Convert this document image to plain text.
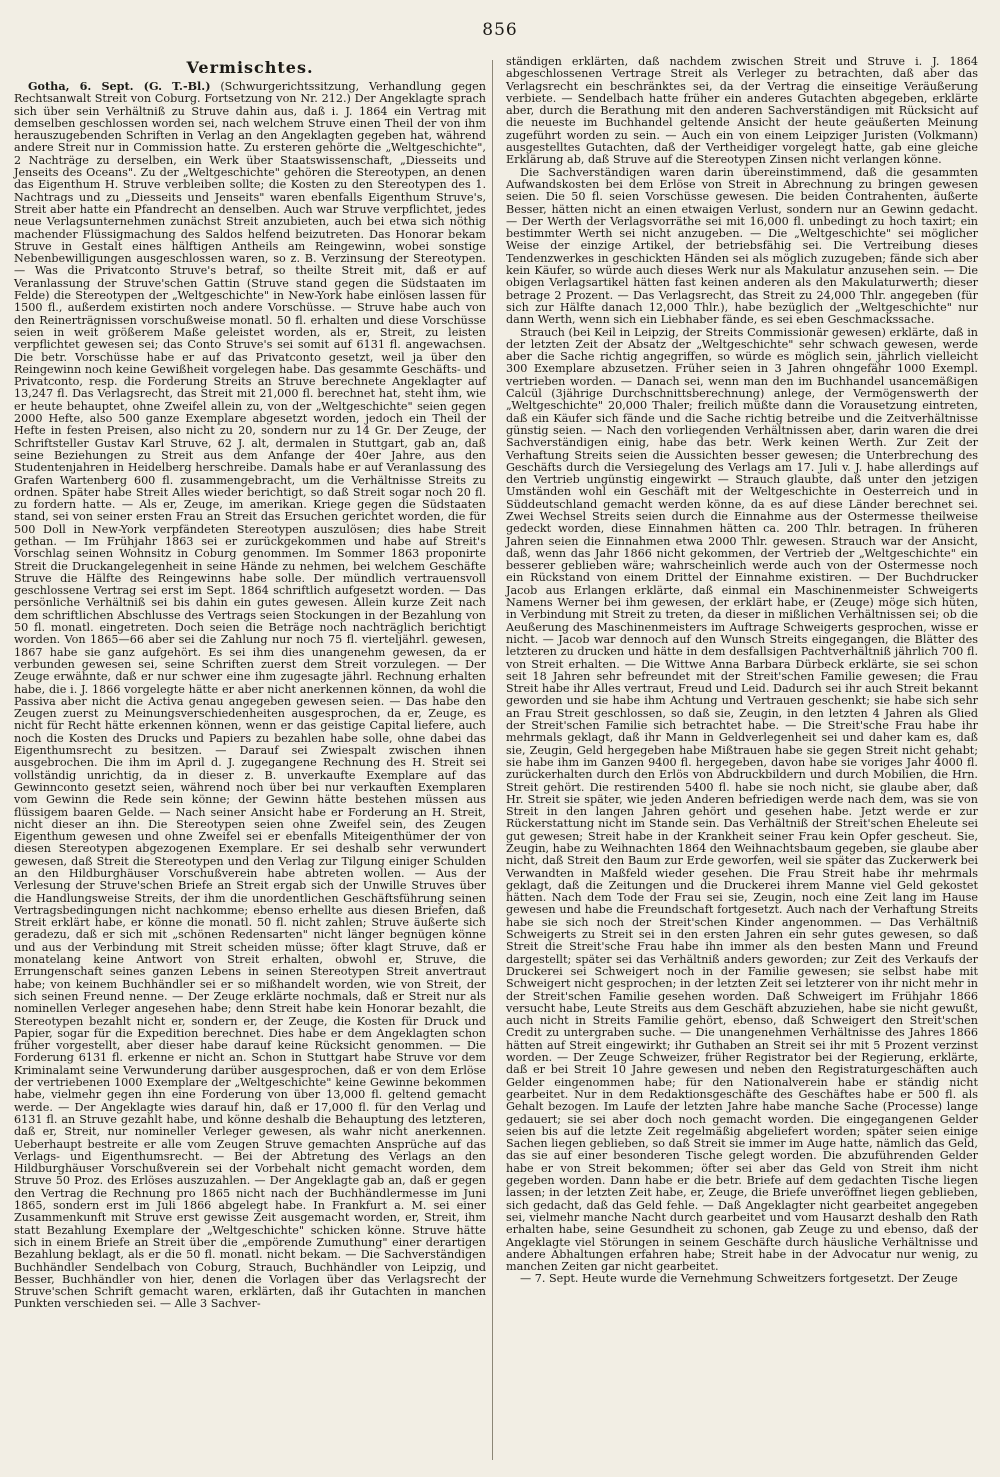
856
Vermischtes.

Gotha, 6. Sept. (G. T.-Bl.) (Schwurgerichtssitzung, Verhandlung gegen Rechtsanwalt Streit von Coburg. Fortsetzung von Nr. 212.) Der Angeklagte sprach sich über sein Verhältniß zu Struve dahin aus, daß i. J. 1864 ein Vertrag mit demselben geschlossen worden sei, nach welchem Struve einen Theil der von ihm herauszugebenden Schriften in Verlag an den Angeklagten gegeben hat, während andere Streit nur in Commission hatte. Zu ersteren gehörte die „Weltgeschichte", 2 Nachträge zu derselben, ein Werk über Staatswissenschaft, „Diesseits und Jenseits des Oceans". Zu der „Weltgeschichte" gehören die Stereotypen, an denen das Eigenthum H. Struve verbleiben sollte; die Kosten zu den Stereotypen des 1. Nachtrags und zu „Diesseits und Jenseits" waren ebenfalls Eigenthum Struve's, Streit aber hatte ein Pfandrecht an denselben. Auch war Struve verpflichtet, jedes neue Verlagsunternehmen zunächst Streit anzubieten, auch bei etwa sich nöthig machender Flüssigmachung des Saldos helfend beizutreten. Das Honorar bekam Struve in Gestalt eines hälftigen Antheils am Reingewinn, wobei sonstige Nebenbewilligungen ausgeschlossen waren, so z. B. Verzinsung der Stereotypen. — Was die Privatconto Struve's betraf, so theilte Streit mit, daß er auf Veranlassung der Struve'schen Gattin (Struve stand gegen die Südstaaten im Felde) die Stereotypen der „Weltgeschichte" in New-York habe einlösen lassen für 1500 fl., außerdem existirten noch andere Vorschüsse. — Struve habe auch von den Reinerträgnissen vorschußweise monatl. 50 fl. erhalten und diese Vorschüsse seien in weit größerem Maße geleistet worden, als er, Streit, zu leisten verpflichtet gewesen sei; das Conto Struve's sei somit auf 6131 fl. angewachsen. Die betr. Vorschüsse habe er auf das Privatconto gesetzt, weil ja über den Reingewinn noch keine Gewißheit vorgelegen habe. Das gesammte Geschäfts- und Privatconto, resp. die Forderung Streits an Struve berechnete Angeklagter auf 13,247 fl. Das Verlagsrecht, das Streit mit 21,000 fl. berechnet hat, steht ihm, wie er heute behauptet, ohne Zweifel allein zu, von der „Weltgeschichte" seien gegen 2000 Hefte, also 500 ganze Exemplare abgesetzt worden, jedoch ein Theil der Hefte in festen Preisen, also nicht zu 20, sondern nur zu 14 Gr. Der Zeuge, der Schriftsteller Gustav Karl Struve, 62 J. alt, dermalen in Stuttgart, gab an, daß seine Beziehungen zu Streit aus dem Anfange der 40er Jahre, aus den Studentenjahren in Heidelberg herschreibe. Damals habe er auf Veranlassung des Grafen Wartenberg 600 fl. zusammengebracht, um die Verhältnisse Streits zu ordnen. Später habe Streit Alles wieder berichtigt, so daß Streit sogar noch 20 fl. zu fordern hatte. — Als er, Zeuge, im amerikan. Kriege gegen die Südstaaten stand, sei von seiner ersten Frau an Streit das Ersuchen gerichtet worden, die für 500 Doll in New-York verpfändeten Stereotypen auszulösen; dies habe Streit gethan. — Im Frühjahr 1863 sei er zurückgekommen und habe auf Streit's Vorschlag seinen Wohnsitz in Coburg genommen. Im Sommer 1863 proponirte Streit die Druckangelegenheit in seine Hände zu nehmen, bei welchem Geschäfte Struve die Hälfte des Reingewinns habe solle. Der mündlich vertrauensvoll geschlossene Vertrag sei erst im Sept. 1864 schriftlich aufgesetzt worden. — Das persönliche Verhältniß sei bis dahin ein gutes gewesen. Allein kurze Zeit nach dem schriftlichen Abschlusse des Vertrags seien Stockungen in der Bezahlung von 50 fl. monatl. eingetreten. Doch seien die Beträge noch nachträglich berichtigt worden. Von 1865—66 aber sei die Zahlung nur noch 75 fl. vierteljährl. gewesen, 1867 habe sie ganz aufgehört. Es sei ihm dies unangenehm gewesen, da er verbunden gewesen sei, seine Schriften zuerst dem Streit vorzulegen. — Der Zeuge erwähnte, daß er nur schwer eine ihm zugesagte jährl. Rechnung erhalten habe, die i. J. 1866 vorgelegte hätte er aber nicht anerkennen können, da wohl die Passiva aber nicht die Activa genau angegeben gewesen seien. — Das habe den Zeugen zuerst zu Meinungsverschiedenheiten ausgesprochen, da er, Zeuge, es nicht für Recht hätte erkennen können, wenn er das geistige Capital liefere, auch noch die Kosten des Drucks und Papiers zu bezahlen habe solle, ohne dabei das Eigenthumsrecht zu besitzen. — Darauf sei Zwiespalt zwischen ihnen ausgebrochen. Die ihm im April d. J. zugegangene Rechnung des H. Streit sei vollständig unrichtig, da in dieser z. B. unverkaufte Exemplare auf das Gewinnconto gesetzt seien, während noch über bei nur verkauften Exemplaren vom Gewinn die Rede sein könne; der Gewinn hätte bestehen müssen aus flüssigem baaren Gelde. — Nach seiner Ansicht habe er Forderung an H. Streit, nicht dieser an ihn. Die Stereotypen seien ohne Zweifel sein, des Zeugen Eigenthum gewesen und ohne Zweifel sei er ebenfalls Miteigenthümer der von diesen Stereotypen abgezogenen Exemplare. Er sei deshalb sehr verwundert gewesen, daß Streit die Stereotypen und den Verlag zur Tilgung einiger Schulden an den Hildburghäuser Vorschußverein habe abtreten wollen. — Aus der Verlesung der Struve'schen Briefe an Streit ergab sich der Unwille Struves über die Handlungsweise Streits, der ihm die unordentlichen Geschäftsführung seinen Vertragsbedingungen nicht nachkomme; ebenso erhellte aus diesen Briefen, daß Streit erklärt habe, er könne die monatl. 50 fl. nicht zahlen; Struve äußerte sich geradezu, daß er sich mit „schönen Redensarten" nicht länger begnügen könne und aus der Verbindung mit Streit scheiden müsse; öfter klagt Struve, daß er monatelang keine Antwort von Streit erhalten, obwohl er, Struve, die Errungenschaft seines ganzen Lebens in seinen Stereotypen Streit anvertraut habe; von keinem Buchhändler sei er so mißhandelt worden, wie von Streit, der sich seinen Freund nenne. — Der Zeuge erklärte nochmals, daß er Streit nur als nominellen Verleger angesehen habe; denn Streit habe kein Honorar bezahlt, die Stereotypen bezahlt nicht er, sondern er, der Zeuge, die Kosten für Druck und Papier, sogar für die Expedition berechnet. Dies habe er dem Angeklagten schon früher vorgestellt, aber dieser habe darauf keine Rücksicht genommen. — Die Forderung 6131 fl. erkenne er nicht an. Schon in Stuttgart habe Struve vor dem Kriminalamt seine Verwunderung darüber ausgesprochen, daß er von dem Erlöse der vertriebenen 1000 Exemplare der „Weltgeschichte" keine Gewinne bekommen habe, vielmehr gegen ihn eine Forderung von über 13,000 fl. geltend gemacht werde. — Der Angeklagte wies darauf hin, daß er 17,000 fl. für den Verlag und 6131 fl. an Struve gezahlt habe, und könne deshalb die Behauptung des letzteren, daß er, Streit, nur nomineller Verleger gewesen, als wahr nicht anerkennen. Ueberhaupt bestreite er alle vom Zeugen Struve gemachten Ansprüche auf das Verlags- und Eigenthumsrecht. — Bei der Abtretung des Verlags an den Hildburghäuser Vorschußverein sei der Vorbehalt nicht gemacht worden, dem Struve 50 Proz. des Erlöses auszuzahlen. — Der Angeklagte gab an, daß er gegen den Vertrag die Rechnung pro 1865 nicht nach der Buchhändlermesse im Juni 1865, sondern erst im Juli 1866 abgelegt habe. In Frankfurt a. M. sei einer Zusammenkunft mit Struve erst gewisse Zeit ausgemacht worden, er, Streit, ihm statt Bezahlung Exemplare der „Weltgeschichte" schicken könne. Struve hätte sich in einem Briefe an Streit über die „empörende Zumuthung" einer derartigen Bezahlung beklagt, als er die 50 fl. monatl. nicht bekam. — Die Sachverständigen Buchhändler Sendelbach von Coburg, Strauch, Buchhändler von Leipzig, und Besser, Buchhändler von hier, denen die Vorlagen über das Verlagsrecht der Struve'schen Schrift gemacht waren, erklärten, daß ihr Gutachten in manchen Punkten verschieden sei. — Alle 3 Sachver-

ständigen erklärten, daß nachdem zwischen Streit und Struve i. J. 1864 abgeschlossenen Vertrage Streit als Verleger zu betrachten, daß aber das Verlagsrecht ein beschränktes sei, da der Vertrag die einseitige Veräußerung verbiete. — Sendelbach hatte früher ein anderes Gutachten abgegeben, erklärte aber, durch die Berathung mit den anderen Sachverständigen mit Rücksicht auf die neueste im Buchhandel geltende Ansicht der heute geäußerten Meinung zugeführt worden zu sein. — Auch ein von einem Leipziger Juristen (Volkmann) ausgestelltes Gutachten, daß der Vertheidiger vorgelegt hatte, gab eine gleiche Erklärung ab, daß Struve auf die Stereotypen Zinsen nicht verlangen könne.

Die Sachverständigen waren darin übereinstimmend, daß die gesammten Aufwandskosten bei dem Erlöse von Streit in Abrechnung zu bringen gewesen seien. Die 50 fl. seien Vorschüsse gewesen. Die beiden Contrahenten, äußerte Besser, hätten nicht an einen etwaigen Verlust, sondern nur an Gewinn gedacht. — Der Werth der Verlagsvorräthe sei mit 16,000 fl. unbedingt zu hoch taxirt; ein bestimmter Werth sei nicht anzugeben. — Die „Weltgeschichte" sei möglicher Weise der einzige Artikel, der betriebsfähig sei. Die Vertreibung dieses Tendenzwerkes in geschickten Händen sei als möglich zuzugeben; fände sich aber kein Käufer, so würde auch dieses Werk nur als Makulatur anzusehen sein. — Die obigen Verlagsartikel hätten fast keinen anderen als den Makulaturwerth; dieser betrage 2 Prozent. — Das Verlagsrecht, das Streit zu 24,000 Thlr. angegeben (für sich zur Hälfte danach 12,000 Thlr.), habe bezüglich der „Weltgeschichte" nur dann Werth, wenn sich ein Liebhaber fände, es sei eben Geschmackssache.

Strauch (bei Keil in Leipzig, der Streits Commissionär gewesen) erklärte, daß in der letzten Zeit der Absatz der „Weltgeschichte" sehr schwach gewesen, werde aber die Sache richtig angegriffen, so würde es möglich sein, jährlich vielleicht 300 Exemplare abzusetzen. Früher seien in 3 Jahren ohngefähr 1000 Exempl. vertrieben worden. — Danach sei, wenn man den im Buchhandel usancemäßigen Calcül (3jährige Durchschnittsberechnung) anlege, der Vermögenswerth der „Weltgeschichte" 20,000 Thaler; freilich müßte dann die Vorausetzung eintreten, daß ein Käufer sich fände und die Sache richtig betreibe und die Zeitverhältnisse günstig seien. — Nach den vorliegenden Verhältnissen aber, darin waren die drei Sachverständigen einig, habe das betr. Werk keinen Werth. Zur Zeit der Verhaftung Streits seien die Aussichten besser gewesen; die Unterbrechung des Geschäfts durch die Versiegelung des Verlags am 17. Juli v. J. habe allerdings auf den Vertrieb ungünstig eingewirkt — Strauch glaubte, daß unter den jetzigen Umständen wohl ein Geschäft mit der Weltgeschichte in Oesterreich und in Süddeutschland gemacht werden könne, da es auf diese Länder berechnet sei. Zwei Wechsel Streits seien durch die Einnahme aus der Ostermesse theilweise gedeckt worden, diese Einnahmen hätten ca. 200 Thlr. betragen. In früheren Jahren seien die Einnahmen etwa 2000 Thlr. gewesen. Strauch war der Ansicht, daß, wenn das Jahr 1866 nicht gekommen, der Vertrieb der „Weltgeschichte" ein besserer geblieben wäre; wahrscheinlich werde auch von der Ostermesse noch ein Rückstand von einem Drittel der Einnahme existiren. — Der Buchdrucker Jacob aus Erlangen erklärte, daß einmal ein Maschinenmeister Schweigerts Namens Werner bei ihm gewesen, der erklärt habe, er (Zeuge) möge sich hüten, in Verbindung mit Streit zu treten, da dieser in mißlichen Verhältnissen sei; ob die Aeußerung des Maschinenmeisters im Auftrage Schweigerts gesprochen, wisse er nicht. — Jacob war dennoch auf den Wunsch Streits eingegangen, die Blätter des letzteren zu drucken und hätte in dem desfallsigen Pachtverhältniß jährlich 700 fl. von Streit erhalten. — Die Wittwe Anna Barbara Dürbeck erklärte, sie sei schon seit 18 Jahren sehr befreundet mit der Streit'schen Familie gewesen; die Frau Streit habe ihr Alles vertraut, Freud und Leid. Dadurch sei ihr auch Streit bekannt geworden und sie habe ihm Achtung und Vertrauen geschenkt; sie habe sich sehr an Frau Streit geschlossen, so daß sie, Zeugin, in den letzten 4 Jahren als Glied der Streit'schen Familie sich betrachtet habe. — Die Streit'sche Frau habe ihr mehrmals geklagt, daß ihr Mann in Geldverlegenheit sei und daher kam es, daß sie, Zeugin, Geld hergegeben habe Mißtrauen habe sie gegen Streit nicht gehabt; sie habe ihm im Ganzen 9400 fl. hergegeben, davon habe sie voriges Jahr 4000 fl. zurückerhalten durch den Erlös von Abdruckbildern und durch Mobilien, die Hrn. Streit gehört. Die restirenden 5400 fl. habe sie noch nicht, sie glaube aber, daß Hr. Streit sie später, wie jeden Anderen befriedigen werde nach dem, was sie von Streit in den langen Jahren gehört und gesehen habe. Jetzt werde er zur Rückerstattung nicht im Stande sein. Das Verhältniß der Streit'schen Eheleute sei gut gewesen; Streit habe in der Krankheit seiner Frau kein Opfer gescheut. Sie, Zeugin, habe zu Weihnachten 1864 den Weihnachtsbaum gegeben, sie glaube aber nicht, daß Streit den Baum zur Erde geworfen, weil sie später das Zuckerwerk bei Verwandten in Maßfeld wieder gesehen. Die Frau Streit habe ihr mehrmals geklagt, daß die Zeitungen und die Druckerei ihrem Manne viel Geld gekostet hätten. Nach dem Tode der Frau sei sie, Zeugin, noch eine Zeit lang im Hause gewesen und habe die Freundschaft fortgesetzt. Auch nach der Verhaftung Streits habe sie sich noch der Streit'schen Kinder angenommen. — Das Verhältniß Schweigerts zu Streit sei in den ersten Jahren ein sehr gutes gewesen, so daß Streit die Streit'sche Frau habe ihn immer als den besten Mann und Freund dargestellt; später sei das Verhältniß anders geworden; zur Zeit des Verkaufs der Druckerei sei Schweigert noch in der Familie gewesen; sie selbst habe mit Schweigert nicht gesprochen; in der letzten Zeit sei letzterer von ihr nicht mehr in der Streit'schen Familie gesehen worden. Daß Schweigert im Frühjahr 1866 versucht habe, Leute Streits aus dem Geschäft abzuziehen, habe sie nicht gewußt, auch nicht in Streits Familie gehört, ebenso, daß Schweigert den Streit'schen Credit zu untergraben suche. — Die unangenehmen Verhältnisse des Jahres 1866 hätten auf Streit eingewirkt; ihr Guthaben an Streit sei ihr mit 5 Prozent verzinst worden. — Der Zeuge Schweizer, früher Registrator bei der Regierung, erklärte, daß er bei Streit 10 Jahre gewesen und neben den Registraturgeschäften auch Gelder eingenommen habe; für den Nationalverein habe er ständig nicht gearbeitet. Nur in dem Redaktionsgeschäfte des Geschäftes habe er 500 fl. als Gehalt bezogen. Im Laufe der letzten Jahre habe manche Sache (Processe) lange gedauert; sie sei aber doch noch gemacht worden. Die eingegangenen Gelder seien bis auf die letzte Zeit regelmäßig abgeliefert worden; später seien einige Sachen liegen geblieben, so daß Streit sie immer im Auge hatte, nämlich das Geld, das sie auf einer besonderen Tische gelegt worden. Die abzuführenden Gelder habe er von Streit bekommen; öfter sei aber das Geld von Streit ihm nicht gegeben worden. Dann habe er die betr. Briefe auf dem gedachten Tische liegen lassen; in der letzten Zeit habe, er, Zeuge, die Briefe unveröffnet liegen geblieben, sich gedacht, daß das Geld fehle. — Daß Angeklagter nicht gearbeitet angegeben sei, vielmehr manche Nacht durch gearbeitet und vom Hausarzt deshalb den Rath erhalten habe, seine Gesundheit zu schonen, gab Zeuge zu und ebenso, daß der Angeklagte viel Störungen in seinem Geschäfte durch häusliche Verhältnisse und andere Abhaltungen erfahren habe; Streit habe in der Advocatur nur wenig, zu manchen Zeiten gar nicht gearbeitet.

— 7. Sept. Heute wurde die Vernehmung Schweitzers fortgesetzt. Der Zeuge
